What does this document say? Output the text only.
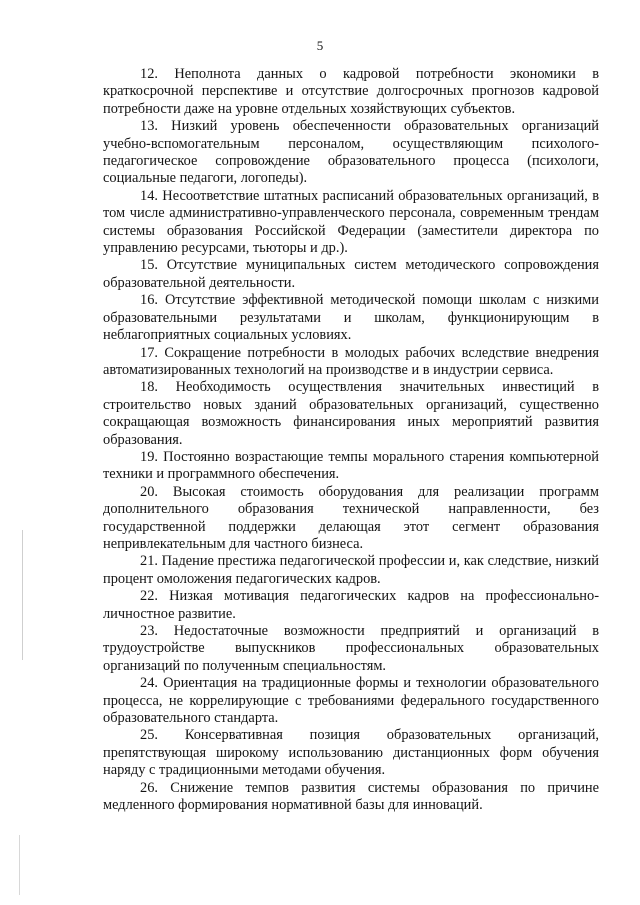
5

12. Неполнота данных о кадровой потребности экономики в краткосрочной перспективе и отсутствие долгосрочных прогнозов кадровой потребности даже на уровне отдельных хозяйствующих субъектов.

13. Низкий уровень обеспеченности образовательных организаций учебно-вспомогательным персоналом, осуществляющим психолого-педагогическое сопровождение образовательного процесса (психологи, социальные педагоги, логопеды).

14. Несоответствие штатных расписаний образовательных организаций, в том числе административно-управленческого персонала, современным трендам системы образования Российской Федерации (заместители директора по управлению ресурсами, тьюторы и др.).

15. Отсутствие муниципальных систем методического сопровождения образовательной деятельности.

16. Отсутствие эффективной методической помощи школам с низкими образовательными результатами и школам, функционирующим в неблагоприятных социальных условиях.

17. Сокращение потребности в молодых рабочих вследствие внедрения автоматизированных технологий на производстве и в индустрии сервиса.

18. Необходимость осуществления значительных инвестиций в строительство новых зданий образовательных организаций, существенно сокращающая возможность финансирования иных мероприятий развития образования.

19. Постоянно возрастающие темпы морального старения компьютерной техники и программного обеспечения.

20. Высокая стоимость оборудования для реализации программ дополнительного образования технической направленности, без государственной поддержки делающая этот сегмент образования непривлекательным для частного бизнеса.

21. Падение престижа педагогической профессии и, как следствие, низкий процент омоложения педагогических кадров.

22. Низкая мотивация педагогических кадров на профессионально-личностное развитие.

23. Недостаточные возможности предприятий и организаций в трудоустройстве выпускников профессиональных образовательных организаций по полученным специальностям.

24. Ориентация на традиционные формы и технологии образовательного процесса, не коррелирующие с требованиями федерального государственного образовательного стандарта.

25. Консервативная позиция образовательных организаций, препятствующая широкому использованию дистанционных форм обучения наряду с традиционными методами обучения.

26. Снижение темпов развития системы образования по причине медленного формирования нормативной базы для инноваций.
